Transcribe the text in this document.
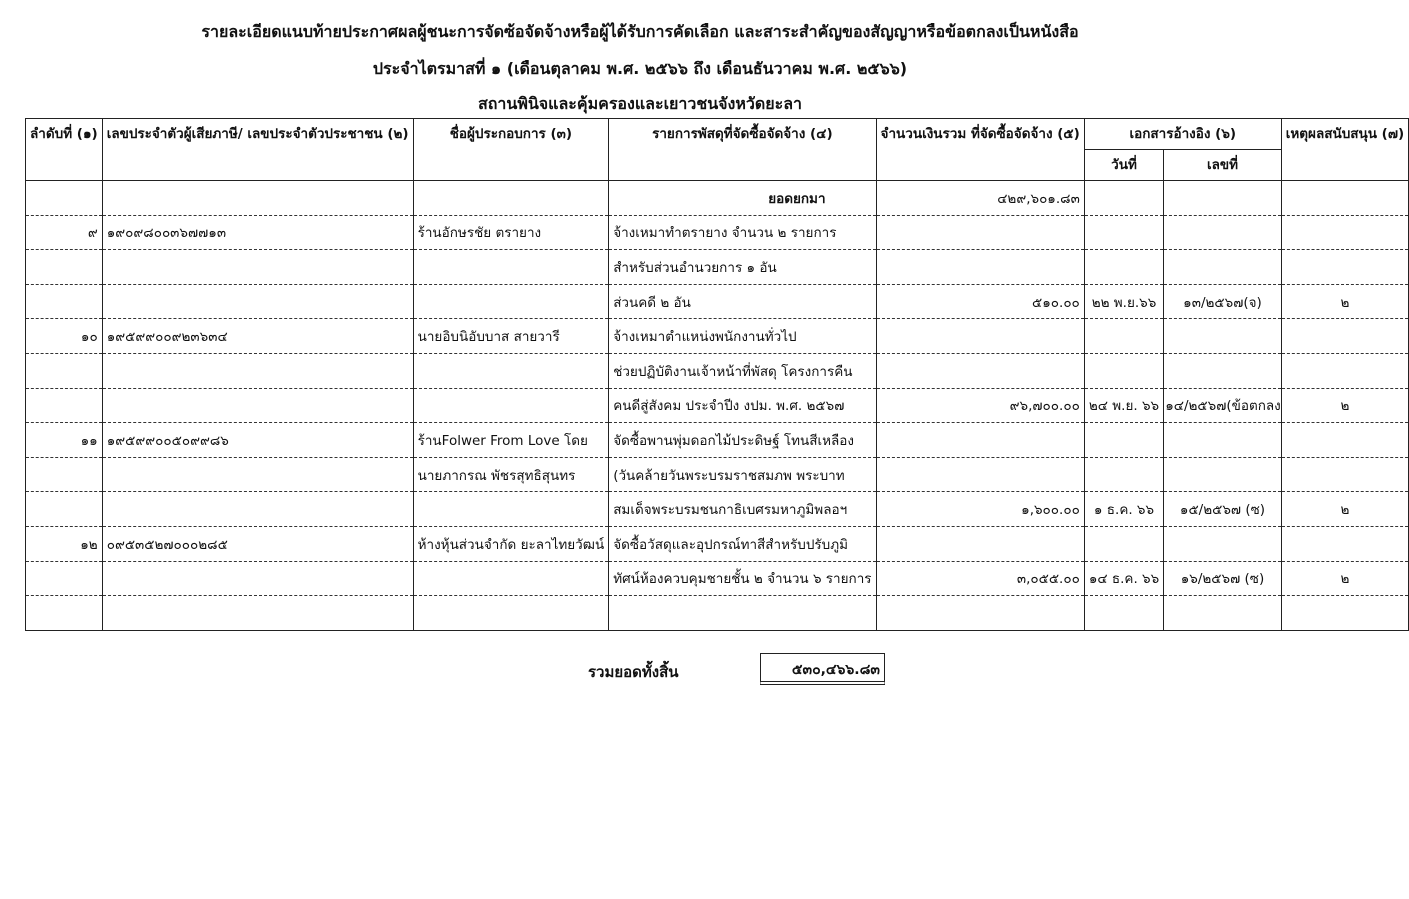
รายละเอียดแนบท้ายประกาศผลผู้ชนะการจัดซ้อจัดจ้างหรือผู้ได้รับการคัดเลือก และสาระสำคัญของสัญญาหรือข้อตกลงเป็นหนังสือ
ประจำไตรมาสที่ ๑ (เดือนตุลาคม พ.ศ. ๒๕๖๖ ถึง เดือนธันวาคม พ.ศ. ๒๕๖๖)
สถานพินิจและคุ้มครองและเยาวชนจังหวัดยะลา
ลำดับที่ (๑)	เลขประจำตัวผู้เสียภาษี/ เลขประจำตัวประชาชน (๒)	ชื่อผู้ประกอบการ (๓)	รายการพัสดุที่จัดซื้อจัดจ้าง (๔)	จำนวนเงินรวม ที่จัดซื้อจัดจ้าง (๕)	เอกสารอ้างอิง (๖)		เหตุผลสนับสนุน (๗)
					วันที่	เลขที่	
			ยอดยกมา	๔๒๙,๖๐๑.๘๓			
๙	๑๙๐๙๘๐๐๓๖๗๗๑๓	ร้านอักษรชัย ตรายาง	จ้างเหมาทำตรายาง จำนวน ๒ รายการ				
			สำหรับส่วนอำนวยการ ๑ อัน				
			ส่วนคดี ๒ อัน	๕๑๐.๐๐	๒๒ พ.ย.๖๖	๑๓/๒๕๖๗(จ)	๒
๑๐	๑๙๕๙๙๐๐๙๒๓๖๓๔	นายอิบนิอับบาส สายวารี	จ้างเหมาตำแหน่งพนักงานทั่วไป				
			ช่วยปฏิบัติงานเจ้าหน้าที่พัสดุ โครงการคืน				
			คนดีสู่สังคม ประจำปีง งปม. พ.ศ. ๒๕๖๗	๙๖,๗๐๐.๐๐	๒๔ พ.ย. ๖๖	๑๔/๒๕๖๗(ข้อตกลง	๒
๑๑	๑๙๕๙๙๐๐๕๐๙๙๘๖	ร้านFolwer From Love โดย	จัดซื้อพานพุ่มดอกไม้ประดิษฐ์ โทนสีเหลือง				
		นายภากรณ พัชรสุทธิสุนทร	(วันคล้ายวันพระบรมราชสมภพ พระบาท				
			สมเด็จพระบรมชนกาธิเบศรมหาภูมิพลอฯ	๑,๖๐๐.๐๐	๑ ธ.ค. ๖๖	๑๕/๒๕๖๗ (ซ)	๒
๑๒	๐๙๕๓๕๒๗๐๐๐๒๘๕	ห้างหุ้นส่วนจำกัด ยะลาไทยวัฒน์	จัดซื้อวัสดุและอุปกรณ์ทาสีสำหรับปรับภูมิ				
			ทัศน์ห้องควบคุมชายชั้น ๒ จำนวน ๖ รายการ	๓,๐๕๕.๐๐	๑๔ ธ.ค. ๖๖	๑๖/๒๕๖๗ (ซ)	๒

รวมยอดทั้งสิ้น	๕๓๐,๔๖๖.๘๓
